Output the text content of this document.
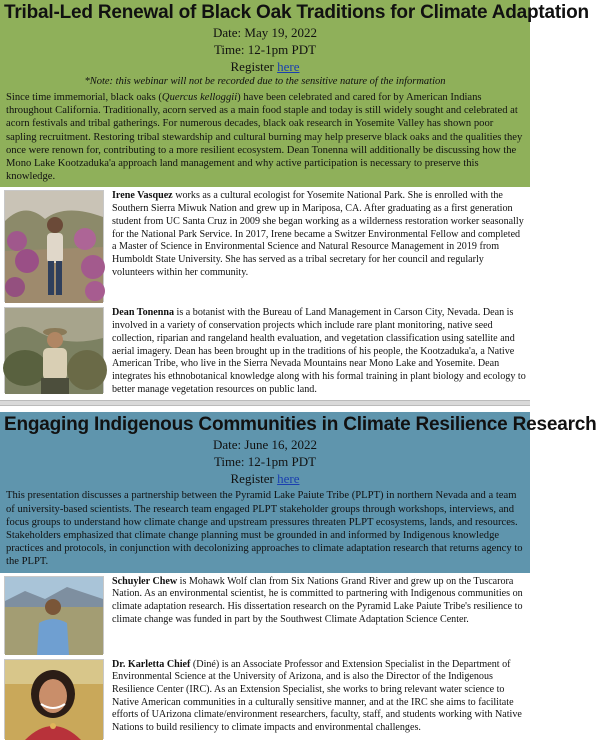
Tribal-Led Renewal of Black Oak Traditions for Climate Adaptation
Date: May 19, 2022
Time: 12-1pm PDT
Register here
*Note: this webinar will not be recorded due to the sensitive nature of the information

Since time immemorial, black oaks (Quercus kelloggii) have been celebrated and cared for by American Indians throughout California. Traditionally, acorn served as a main food staple and today is still widely sought and celebrated at acorn festivals and tribal gatherings. For numerous decades, black oak research in Yosemite Valley has shown poor sapling recruitment. Restoring tribal stewardship and cultural burning may help preserve black oaks and the qualities they once were renown for, contributing to a more resilient ecosystem. Dean Tonenna will additionally be discussing how the Mono Lake Kootzaduka'a approach land management and why active participation is necessary to preserve this knowledge.

Irene Vasquez works as a cultural ecologist for Yosemite National Park. She is enrolled with the Southern Sierra Miwuk Nation and grew up in Mariposa, CA. After graduating as a first generation student from UC Santa Cruz in 2009 she began working as a wilderness restoration worker seasonally for the National Park Service. In 2017, Irene became a Switzer Environmental Fellow and completed a Master of Science in Environmental Science and Natural Resource Management in 2019 from Humboldt State University. She has served as a tribal secretary for her council and regularly volunteers within her community.
Dean Tonenna is a botanist with the Bureau of Land Management in Carson City, Nevada. Dean is involved in a variety of conservation projects which include rare plant monitoring, native seed collection, riparian and rangeland health evaluation, and vegetation classification using satellite and aerial imagery. Dean has been brought up in the traditions of his people, the Kootzaduka'a, a Native American Tribe, who live in the Sierra Nevada Mountains near Mono Lake and Yosemite. Dean integrates his ethnobotanical knowledge along with his formal training in plant biology and ecology to better manage vegetation resources on public land.
Engaging Indigenous Communities in Climate Resilience Research
Date: June 16, 2022
Time: 12-1pm PDT
Register here

This presentation discusses a partnership between the Pyramid Lake Paiute Tribe (PLPT) in northern Nevada and a team of university-based scientists. The research team engaged PLPT stakeholder groups through workshops, interviews, and focus groups to understand how climate change and upstream pressures threaten PLPT ecosystems, lands, and resources. Stakeholders emphasized that climate change planning must be grounded in and informed by Indigenous knowledge practices and protocols, in conjunction with decolonizing approaches to climate adaptation research that returns agency to the PLPT.

Schuyler Chew is Mohawk Wolf clan from Six Nations Grand River and grew up on the Tuscarora Nation. As an environmental scientist, he is committed to partnering with Indigenous communities on climate adaptation research. His dissertation research on the Pyramid Lake Paiute Tribe's resilience to climate change was funded in part by the Southwest Climate Adaptation Science Center.
Dr. Karletta Chief (Diné) is an Associate Professor and Extension Specialist in the Department of Environmental Science at the University of Arizona, and is also the Director of the Indigenous Resilience Center (IRC). As an Extension Specialist, she works to bring relevant water science to Native American communities in a culturally sensitive manner, and at the IRC she aims to facilitate efforts of UArizona climate/environment researchers, faculty, staff, and students working with Native Nations to build resiliency to climate impacts and environmental challenges.
